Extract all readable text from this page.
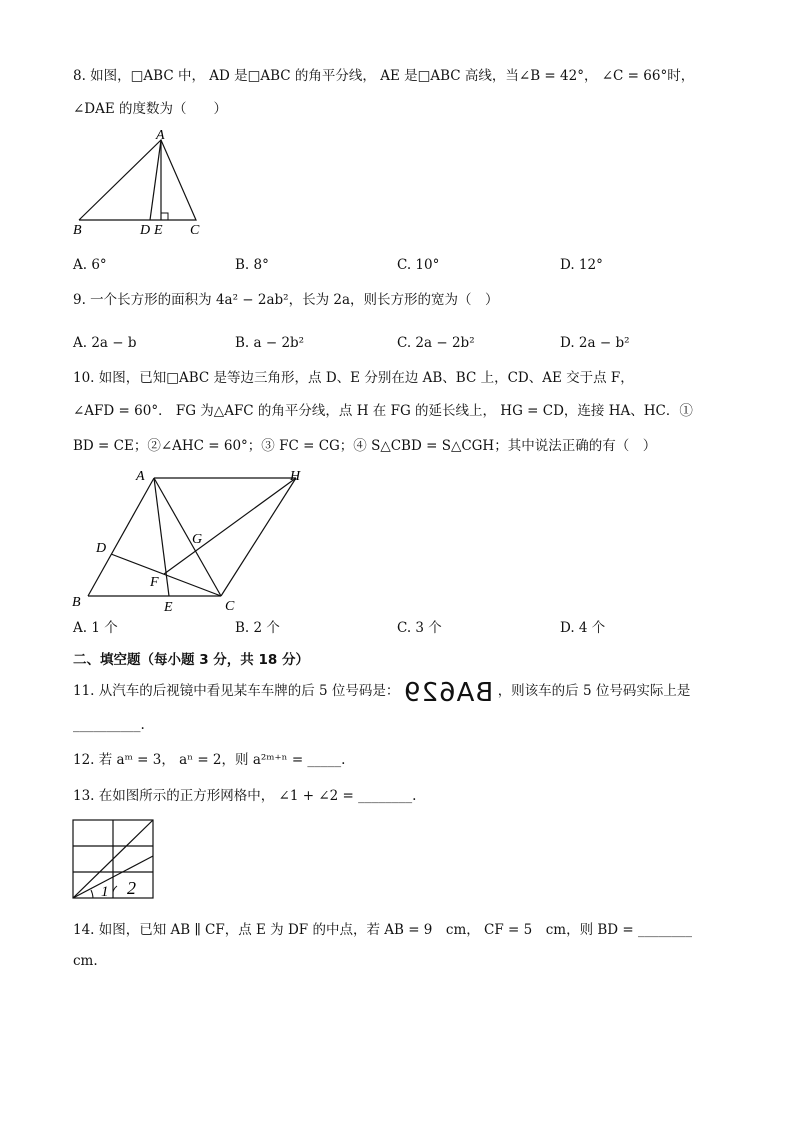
8. 如图，□ABC 中， AD 是□ABC 的角平分线， AE 是□ABC 高线，当∠B = 42°， ∠C = 66°时，
∠DAE 的度数为（　　）
A
B	D E C
A. 6°	B. 8°	C. 10°	D. 12°
9. 一个长方形的面积为 4a² − 2ab²，长为 2a，则长方形的宽为（　）
A. 2a − b	B. a − 2b²	C. 2a − 2b²	D. 2a − b²
10. 如图，已知□ABC 是等边三角形，点 D、E 分别在边 AB、BC 上，CD、AE 交于点 F，
∠AFD = 60°． FG 为△AFC 的角平分线，点 H 在 FG 的延长线上， HG = CD，连接 HA、HC．①
BD = CE；②∠AHC = 60°；③ FC = CG；④ S△CBD = S△CGH；其中说法正确的有（　）
A	H
D
G
F
B	E	C
A. 1 个	B. 2 个	C. 3 个	D. 4 个
二、填空题（每小题 3 分，共 18 分）
11. 从汽车的后视镜中看见某车车牌的后 5 位号码是： BA629 ，则该车的后 5 位号码实际上是
__________.
12. 若 aᵐ = 3， aⁿ = 2，则 a²ᵐ⁺ⁿ = _____.
13. 在如图所示的正方形网格中， ∠1 + ∠2 = ________.
1 2
14. 如图，已知 AB ∥ CF，点 E 为 DF 的中点，若 AB = 9　cm， CF = 5　cm，则 BD = ________
cm.
